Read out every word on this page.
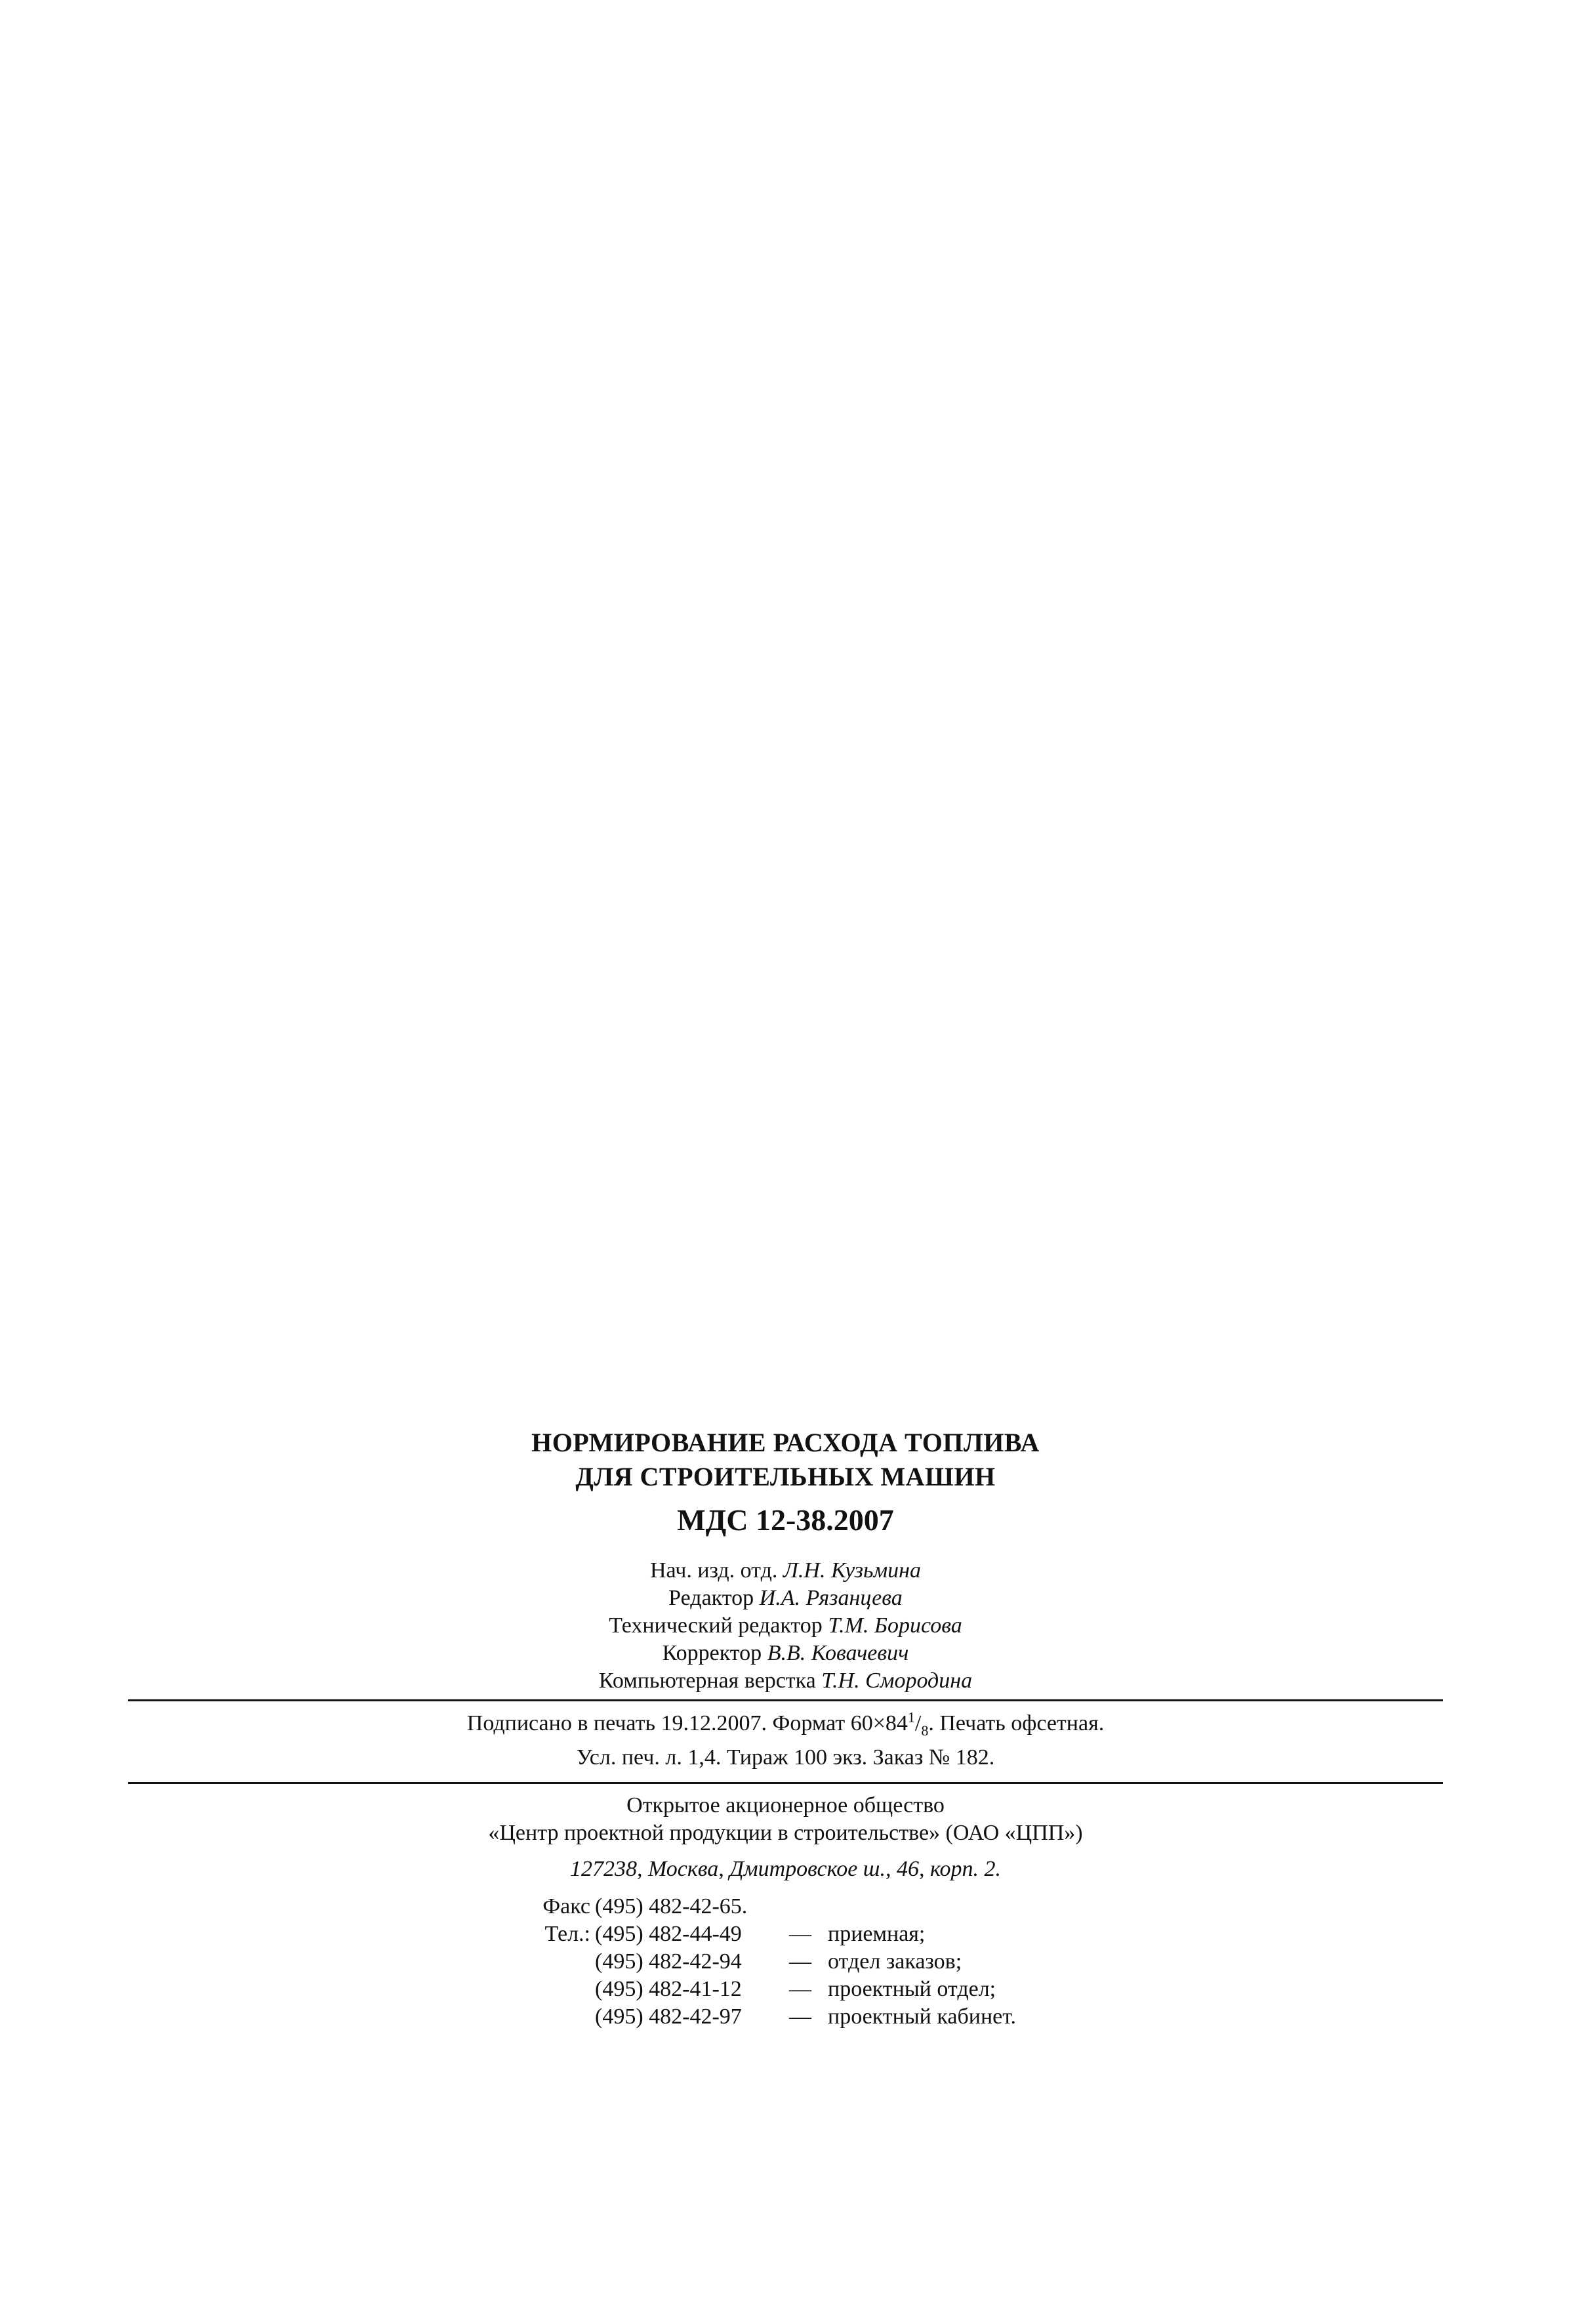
НОРМИРОВАНИЕ РАСХОДА ТОПЛИВА
ДЛЯ СТРОИТЕЛЬНЫХ МАШИН
МДС 12-38.2007
Нач. изд. отд. Л.Н. Кузьмина
Редактор И.А. Рязанцева
Технический редактор Т.М. Борисова
Корректор В.В. Ковачевич
Компьютерная верстка Т.Н. Смородина
Подписано в печать 19.12.2007. Формат $60\times 84^1/_8$. Печать офсетная.
Усл. печ. л. 1,4. Тираж 100 экз. Заказ № 182.
Открытое акционерное общество
«Центр проектной продукции в строительстве» (ОАО «ЦПП»)
127238, Москва, Дмитровское ш., 46, корп. 2.
Факс (495) 482-42-65.
Тел.: (495) 482-44-49 — приемная;
(495) 482-42-94 — отдел заказов;
(495) 482-41-12 — проектный отдел;
(495) 482-42-97 — проектный кабинет.
